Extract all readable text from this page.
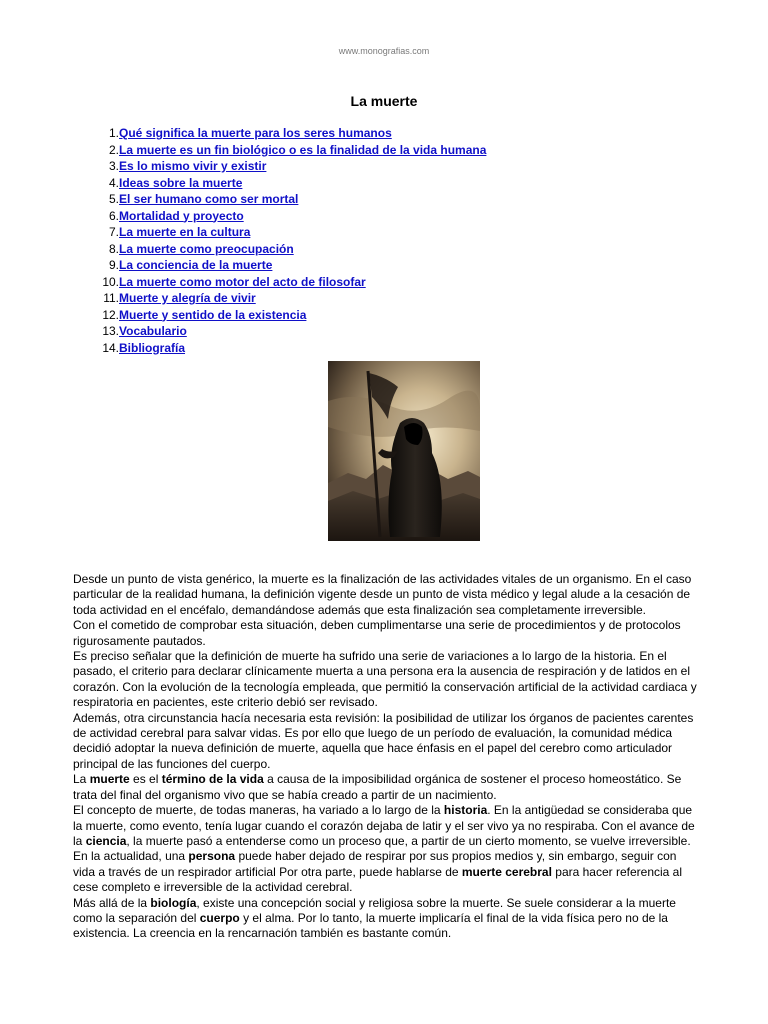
www.monografias.com
La muerte
1. Qué significa la muerte para los seres humanos
2. La muerte es un fin biológico o es la finalidad de la vida humana
3. Es lo mismo vivir y existir
4. Ideas sobre la muerte
5. El ser humano como ser mortal
6. Mortalidad y proyecto
7. La muerte en la cultura
8. La muerte como preocupación
9. La conciencia de la muerte
10. La muerte como motor del acto de filosofar
11. Muerte y alegría de vivir
12. Muerte y sentido de la existencia
13. Vocabulario
14. Bibliografía

Desde un punto de vista genérico, la muerte es la finalización de las actividades vitales de un organismo. En el caso particular de la realidad humana, la definición vigente desde un punto de vista médico y legal alude a la cesación de toda actividad en el encéfalo, demandándose además que esta finalización sea completamente irreversible.

Con el cometido de comprobar esta situación, deben cumplimentarse una serie de procedimientos y de protocolos rigurosamente pautados.

Es preciso señalar que la definición de muerte ha sufrido una serie de variaciones a lo largo de la historia. En el pasado, el criterio para declarar clínicamente muerta a una persona era la ausencia de respiración y de latidos en el corazón. Con la evolución de la tecnología empleada, que permitió la conservación artificial de la actividad cardiaca y respiratoria en pacientes, este criterio debió ser revisado.

Además, otra circunstancia hacía necesaria esta revisión: la posibilidad de utilizar los órganos de pacientes carentes de actividad cerebral para salvar vidas. Es por ello que luego de un período de evaluación, la comunidad médica decidió adoptar la nueva definición de muerte, aquella que hace énfasis en el papel del cerebro como articulador principal de las funciones del cuerpo.

La muerte es el término de la vida a causa de la imposibilidad orgánica de sostener el proceso homeostático. Se trata del final del organismo vivo que se había creado a partir de un nacimiento.

El concepto de muerte, de todas maneras, ha variado a lo largo de la historia. En la antigüedad se consideraba que la muerte, como evento, tenía lugar cuando el corazón dejaba de latir y el ser vivo ya no respiraba. Con el avance de la ciencia, la muerte pasó a entenderse como un proceso que, a partir de un cierto momento, se vuelve irreversible.

En la actualidad, una persona puede haber dejado de respirar por sus propios medios y, sin embargo, seguir con vida a través de un respirador artificial Por otra parte, puede hablarse de muerte cerebral para hacer referencia al cese completo e irreversible de la actividad cerebral.

Más allá de la biología, existe una concepción social y religiosa sobre la muerte. Se suele considerar a la muerte como la separación del cuerpo y el alma. Por lo tanto, la muerte implicaría el final de la vida física pero no de la existencia. La creencia en la rencarnación también es bastante común.
